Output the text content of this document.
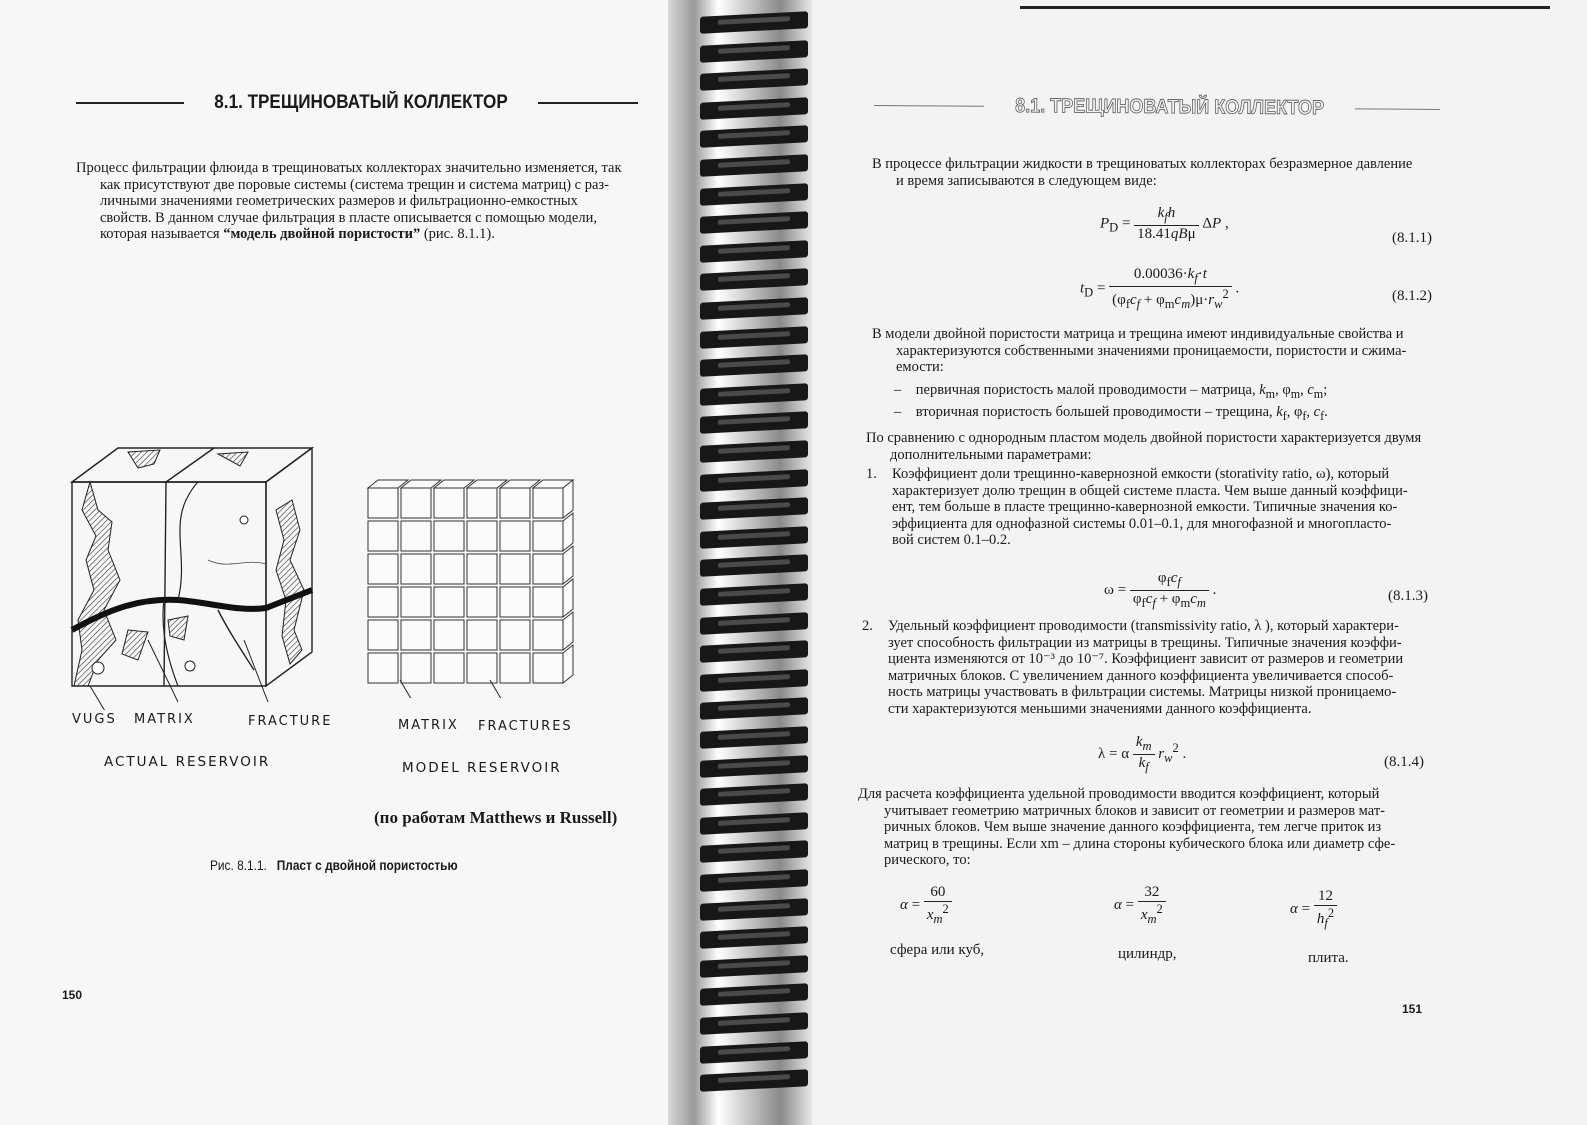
8.1. ТРЕЩИНОВАТЫЙ КОЛЛЕКТОР
Процесс фильтрации флюида в трещиноватых коллекторах значительно изменяется, так
как присутствуют две поровые системы (система трещин и система матриц) с раз-
личными значениями геометрических размеров и фильтрационно-емкостных
свойств. В данном случае фильтрация в пласте описывается с помощью модели,
которая называется “модель двойной пористости” (рис. 8.1.1).
VUGS MATRIX	FRACTURE	MATRIX FRACTURES
ACTUAL RESERVOIR	MODEL RESERVOIR
(по работам Matthews и Russell)
Рис. 8.1.1. Пласт с двойной пористостью
150
8.1. ТРЕЩИНОВАТЫЙ КОЛЛЕКТОР
В процессе фильтрации жидкости в трещиноватых коллекторах безразмерное давление
и время записываются в следующем виде:
$P_D = \frac{k_fh}{\text{18.41qBμ}}$ ΔP ,
(8.1.1)
$t_D = \frac{0.00036\cdot k_f\cdot t}{(\varphi_fc_f + \varphi_mc_m)\mu\cdot r_w^2}$ .	(8.1.2)
В модели двойной пористости матрица и трещина имеют индивидуальные свойства и
характеризуются собственными значениями проницаемости, пористости и сжима-
емости:
–    первичная пористость малой проводимости – матрица, $k_m$, $\varphi_m$, $c_m$;
–    вторичная пористость большей проводимости – трещина, $k_f$, $\varphi_f$, $c_f$.
По сравнению с однородным пластом модель двойной пористости характеризуется двумя
дополнительными параметрами:
1.	Коэффициент доли трещинно-кавернозной емкости (storativity ratio, ω), который
характеризует долю трещин в общей системе пласта. Чем выше данный коэффици-
ент, тем больше в пласте трещинно-кавернозной емкости. Типичные значения ко-
эффициента для однофазной системы 0.01–0.1, для многофазной и многопласто-
вой систем 0.1–0.2.
$\omega = \frac{\varphi_fc_f}{\varphi_fc_f + \varphi_mc_m}$ .	(8.1.3)
2.	Удельный коэффициент проводимости (transmissivity ratio, λ ), который характери-
зует способность фильтрации из матрицы в трещины. Типичные значения коэффи-
циента изменяются от 10⁻³ до 10⁻⁷. Коэффициент зависит от размеров и геометрии
матричных блоков. С увеличением данного коэффициента увеличивается способ-
ность матрицы участвовать в фильтрации системы. Матрицы низкой проницаемо-
сти характеризуются меньшими значениями данного коэффициента.
λ = α $\frac{k_m}{k_f} r_w^2$ .
(8.1.4)
Для расчета коэффициента удельной проводимости вводится коэффициент, который
учитывает геометрию матричных блоков и зависит от геометрии и размеров мат-
ричных блоков. Чем выше значение данного коэффициента, тем легче приток из
матриц в трещины. Если xm – длина стороны кубического блока или диаметр сфе-
рического, то:
$\alpha = \frac{60}{x_m^2}$	$\alpha = \frac{32}{x_m^2}$	$\alpha = \frac{12}{h_f^2}$
сфера или куб,	цилиндр,	плита.
151
